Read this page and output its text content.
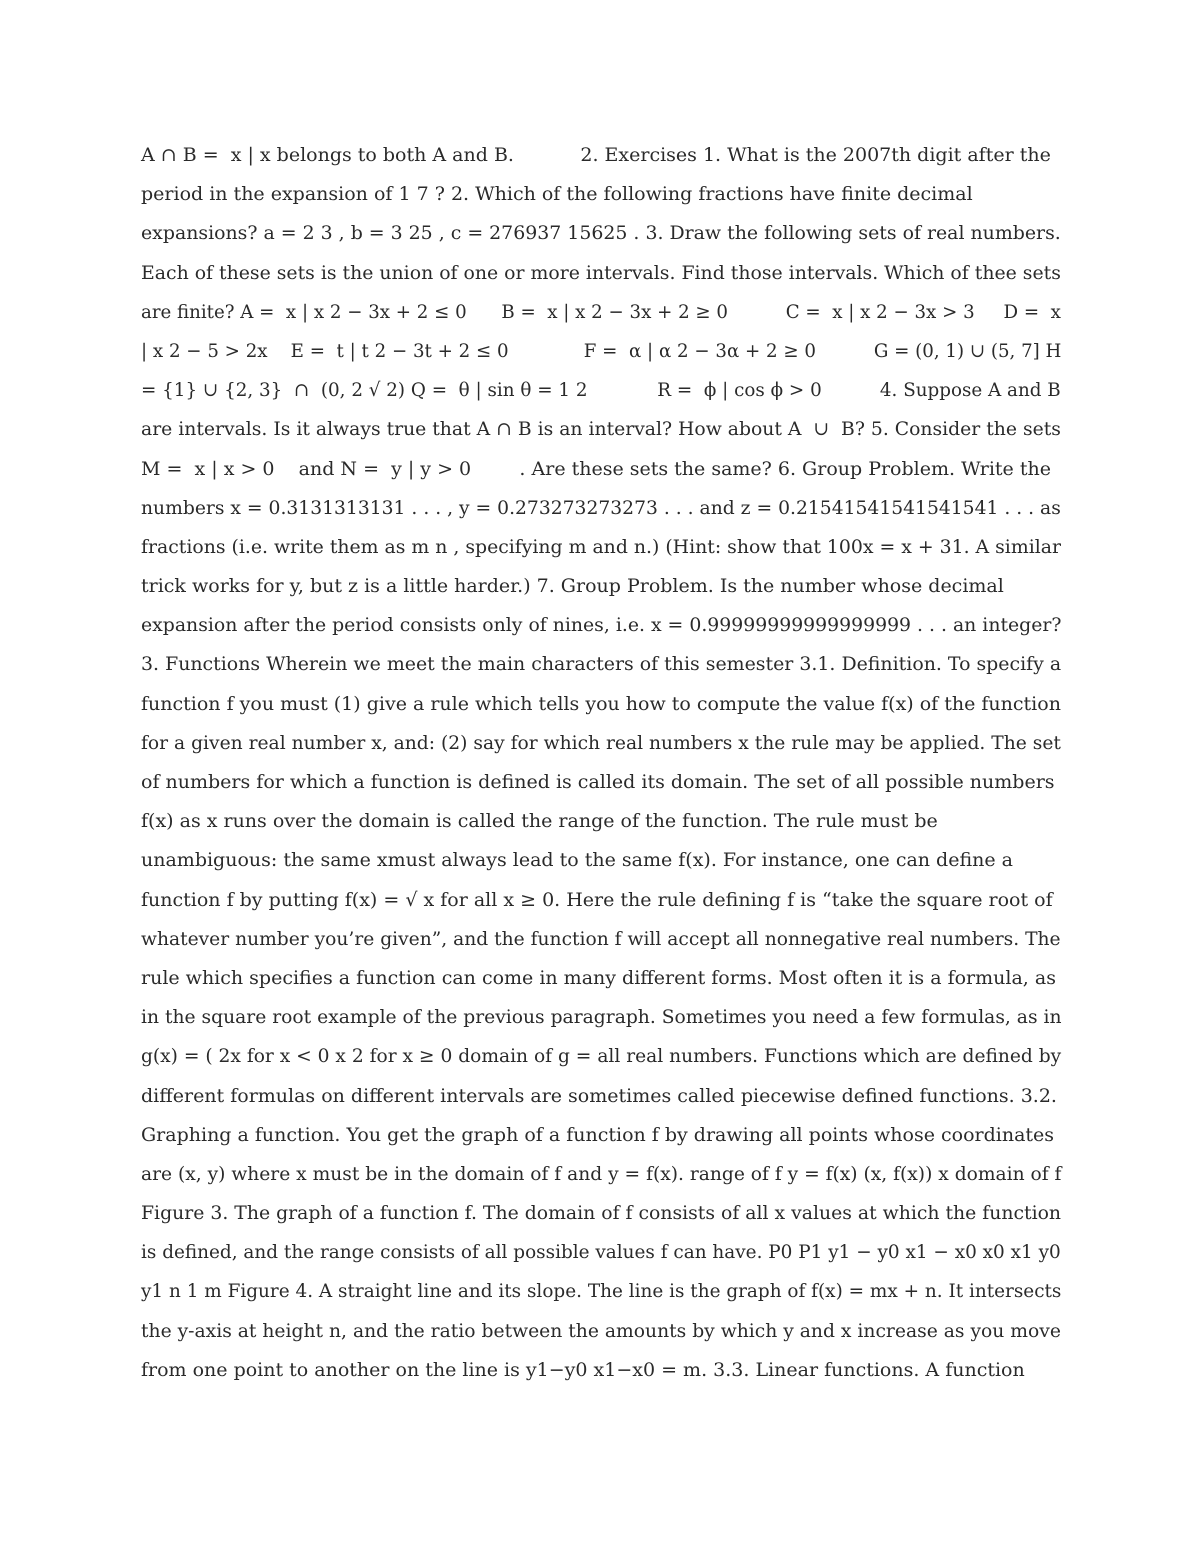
A ∩ B =  x | x belongs to both A and B.           2. Exercises 1. What is the 2007th digit after the
period in the expansion of 1 7 ? 2. Which of the following fractions have finite decimal
expansions? a = 2 3 , b = 3 25 , c = 276937 15625 . 3. Draw the following sets of real numbers.
Each of these sets is the union of one or more intervals. Find those intervals. Which of thee sets
are finite? A =  x | x 2 − 3x + 2 ≤ 0      B =  x | x 2 − 3x + 2 ≥ 0          C =  x | x 2 − 3x > 3     D =  x
| x 2 − 5 > 2x    E =  t | t 2 − 3t + 2 ≤ 0             F =  α | α 2 − 3α + 2 ≥ 0          G = (0, 1) ∪ (5, 7] H
= {1} ∪ {2, 3}  ∩  (0, 2 √ 2) Q =  θ | sin θ = 1 2            R =  ϕ | cos ϕ > 0          4. Suppose A and B
are intervals. Is it always true that A ∩ B is an interval? How about A  ∪  B? 5. Consider the sets
M =  x | x > 0    and N =  y | y > 0        . Are these sets the same? 6. Group Problem. Write the
numbers x = 0.3131313131 . . . , y = 0.273273273273 . . . and z = 0.21541541541541541 . . . as
fractions (i.e. write them as m n , specifying m and n.) (Hint: show that 100x = x + 31. A similar
trick works for y, but z is a little harder.) 7. Group Problem. Is the number whose decimal
expansion after the period consists only of nines, i.e. x = 0.99999999999999999 . . . an integer?
3. Functions Wherein we meet the main characters of this semester 3.1. Definition. To specify a
function f you must (1) give a rule which tells you how to compute the value f(x) of the function
for a given real number x, and: (2) say for which real numbers x the rule may be applied. The set
of numbers for which a function is defined is called its domain. The set of all possible numbers
f(x) as x runs over the domain is called the range of the function. The rule must be
unambiguous: the same xmust always lead to the same f(x). For instance, one can define a
function f by putting f(x) = √ x for all x ≥ 0. Here the rule defining f is “take the square root of
whatever number you’re given”, and the function f will accept all nonnegative real numbers. The
rule which specifies a function can come in many different forms. Most often it is a formula, as
in the square root example of the previous paragraph. Sometimes you need a few formulas, as in
g(x) = ( 2x for x < 0 x 2 for x ≥ 0 domain of g = all real numbers. Functions which are defined by
different formulas on different intervals are sometimes called piecewise defined functions. 3.2.
Graphing a function. You get the graph of a function f by drawing all points whose coordinates
are (x, y) where x must be in the domain of f and y = f(x). range of f y = f(x) (x, f(x)) x domain of f
Figure 3. The graph of a function f. The domain of f consists of all x values at which the function
is defined, and the range consists of all possible values f can have. P0 P1 y1 − y0 x1 − x0 x0 x1 y0
y1 n 1 m Figure 4. A straight line and its slope. The line is the graph of f(x) = mx + n. It intersects
the y-axis at height n, and the ratio between the amounts by which y and x increase as you move
from one point to another on the line is y1−y0 x1−x0 = m. 3.3. Linear functions. A function
